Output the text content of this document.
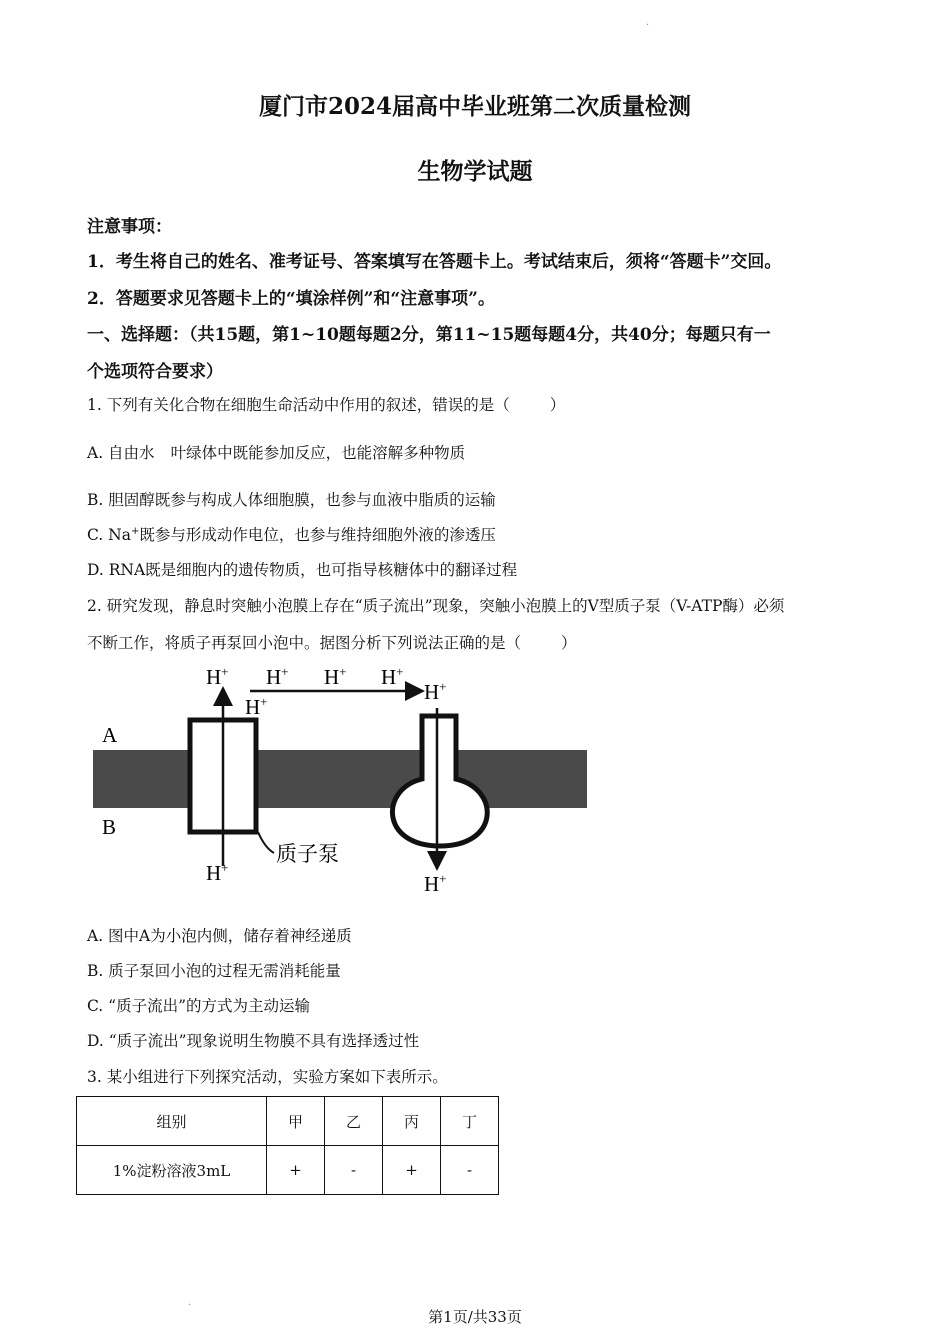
·
·
厦门市2024届高中毕业班第二次质量检测
生物学试题
注意事项：
1．考生将自己的姓名、准考证号、答案填写在答题卡上。考试结束后，须将“答题卡”交回。
2．答题要求见答题卡上的“填涂样例”和“注意事项”。
一、选择题：（共15题，第1~10题每题2分，第11~15题每题4分，共40分；每题只有一
个选项符合要求）
1. 下列有关化合物在细胞生命活动中作用的叙述，错误的是（	）
A. 自由水 叶绿体中既能参加反应，也能溶解多种物质
B. 胆固醇既参与构成人体细胞膜，也参与血液中脂质的运输
C. Na+既参与形成动作电位，也参与维持细胞外液的渗透压
D. RNA既是细胞内的遗传物质，也可指导核糖体中的翻译过程
2. 研究发现，静息时突触小泡膜上存在“质子流出”现象，突触小泡膜上的V型质子泵（V-ATP酶）必须
不断工作，将质子再泵回小泡中。据图分析下列说法正确的是（	）
A
B
质子泵
H+ H+ H+ H+
H+	H+
H+
H+
A. 图中A为小泡内侧，储存着神经递质
B. 质子泵回小泡的过程无需消耗能量
C. “质子流出”的方式为主动运输
D. “质子流出”现象说明生物膜不具有选择透过性
3. 某小组进行下列探究活动，实验方案如下表所示。
组别	甲	乙	丙	丁
1%淀粉溶液3mL	+	-	+	-
第1页/共33页
